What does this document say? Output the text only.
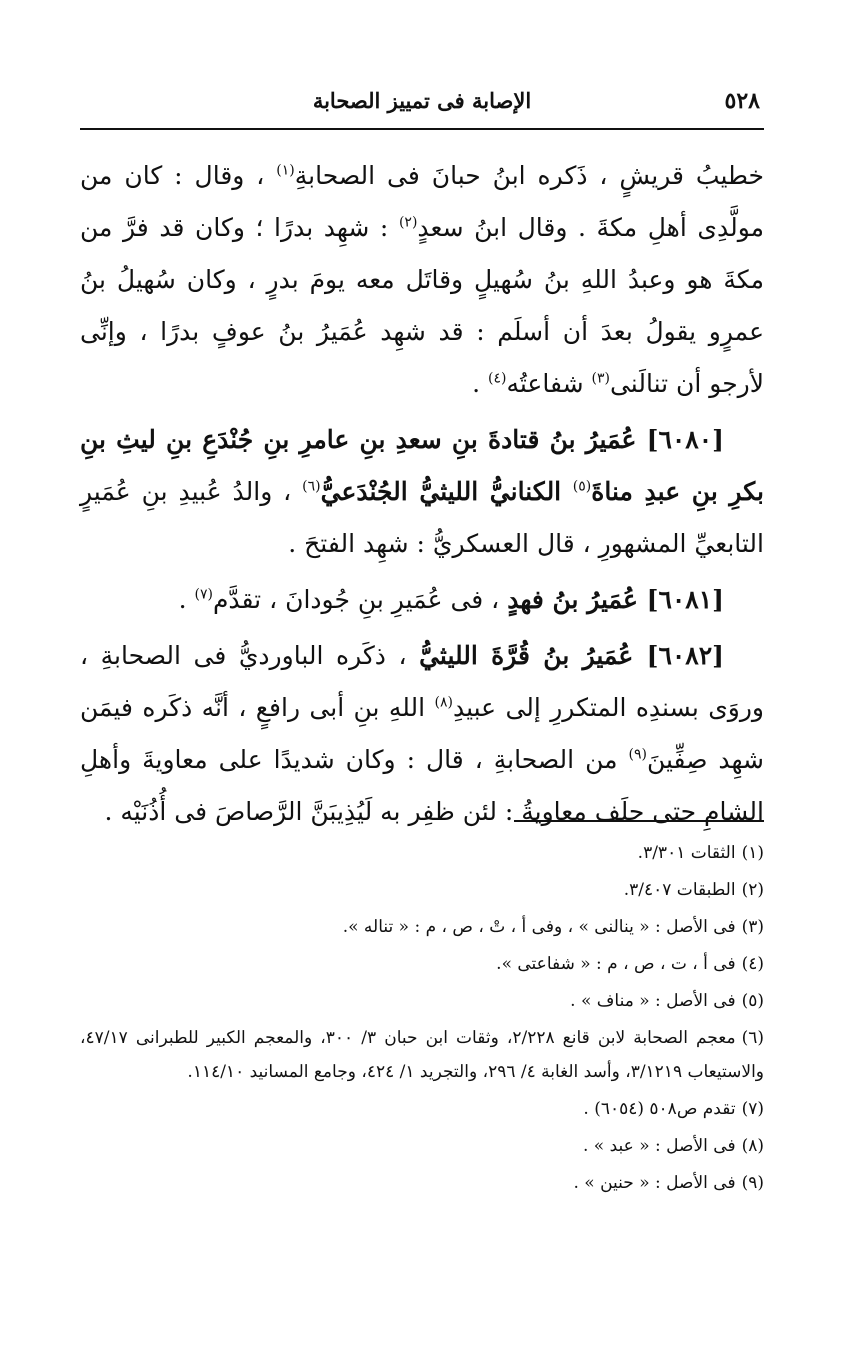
٥٢٨
الإصابة فى تمييز الصحابة

خطيبُ قريشٍ ، ذَكره ابنُ حبانَ فى الصحابةِ$^{(١)}$ ، وقال : كان من مولَّدِى أهلِ مكةَ . وقال ابنُ سعدٍ$^{(٢)}$ : شهِد بدرًا ؛ وكان قد فرَّ من مكةَ هو وعبدُ اللهِ بنُ سُهيلٍ وقاتَل معه يومَ بدرٍ ، وكان سُهيلُ بنُ عمرٍو يقولُ بعدَ أن أسلَم : قد شهِد عُمَيرُ بنُ عوفٍ بدرًا ، وإنِّى لأرجو أن تنالَنى$^{(٣)}$ شفاعتُه$^{(٤)}$ .

[٦٠٨٠] عُمَيرُ بنُ قتادةَ بنِ سعدِ بنِ عامرِ بنِ جُنْدَعِ بنِ ليثِ بنِ بكرِ بنِ عبدِ مناةَ$^{(٥)}$ الكنانيُّ الليثيُّ الجُنْدَعيُّ$^{(٦)}$ ، والدُ عُبيدِ بنِ عُمَيرٍ التابعيِّ المشهورِ ، قال العسكريُّ : شهِد الفتحَ .

[٦٠٨١] عُمَيرُ بنُ فهدٍ ، فى عُمَيرِ بنِ جُودانَ ، تقدَّم$^{(٧)}$ .

[٦٠٨٢] عُمَيرُ بنُ قُرَّةَ الليثيُّ ، ذكَره الباورديُّ فى الصحابةِ ، وروَى بسندِه المتكررِ إلى عبيدِ$^{(٨)}$ اللهِ بنِ أبى رافعٍ ، أنَّه ذكَره فيمَن شهِد صِفِّينَ$^{(٩)}$ من الصحابةِ ، قال : وكان شديدًا على معاويةَ وأهلِ الشامِ حتى حلَف معاويةُ : لئن ظفِر به لَيُذِيبَنَّ الرَّصاصَ فى أُذُنَيْه .

(١)الثقات ٣/٣٠١.

(٢)الطبقات ٣/٤٠٧.

(٣)فى الأصل : « ينالنى » ، وفى أ ، تْ ، ص ، م : « تناله ».

(٤)فى أ ، ت ، ص ، م : « شفاعتى ».

(٥)فى الأصل : « مناف » .

(٦)معجم الصحابة لابن قانع ٢/٢٢٨، وثقات ابن حبان ٣/ ٣٠٠، والمعجم الكبير للطبرانى ٤٧/١٧، والاستيعاب ٣/١٢١٩، وأسد الغابة ٤/ ٢٩٦، والتجريد ١/ ٤٢٤، وجامع المسانيد ١١٤/١٠.

(٧)تقدم ص٥٠٨ (٦٠٥٤) .

(٨)فى الأصل : « عبد » .

(٩)فى الأصل : « حنين » .
